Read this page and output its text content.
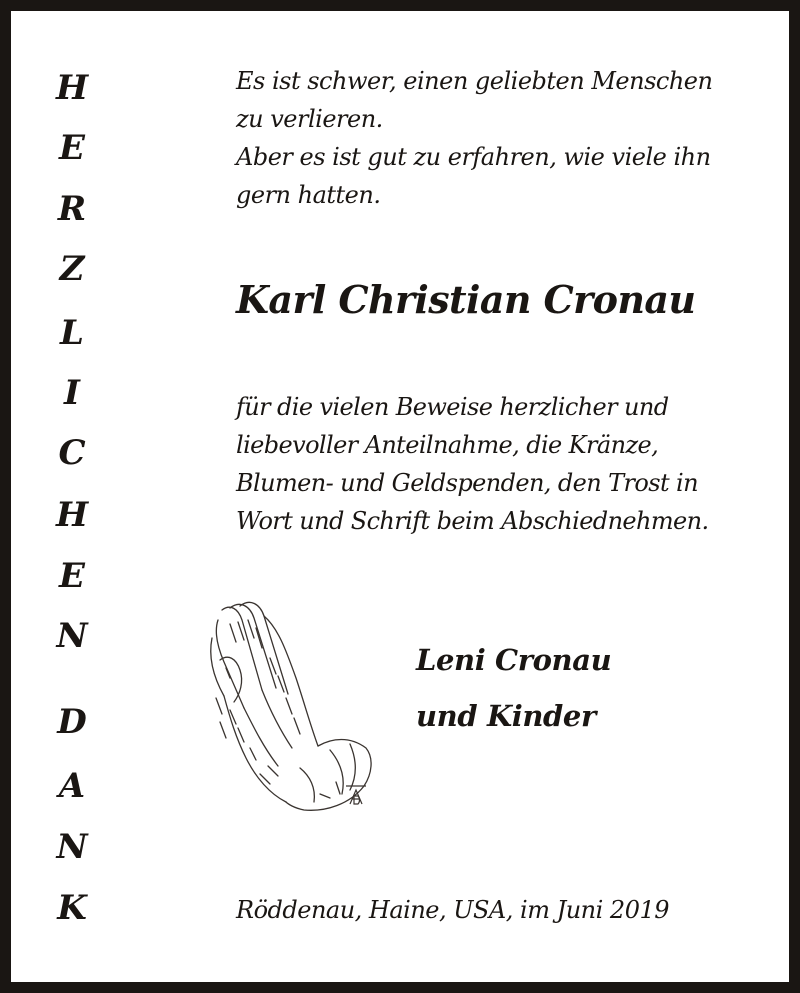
H
E
R
Z
L
I
C
H
E
N
D
A
N
K
Es ist schwer, einen geliebten Menschen
zu verlieren.
Aber es ist gut zu erfahren, wie viele ihn
gern hatten.
Karl Christian Cronau
für die vielen Beweise herzlicher und
liebevoller Anteilnahme, die Kränze,
Blumen- und Geldspenden, den Trost in
Wort und Schrift beim Abschiednehmen.
Leni Cronau
und Kinder
Röddenau, Haine, USA, im Juni 2019
